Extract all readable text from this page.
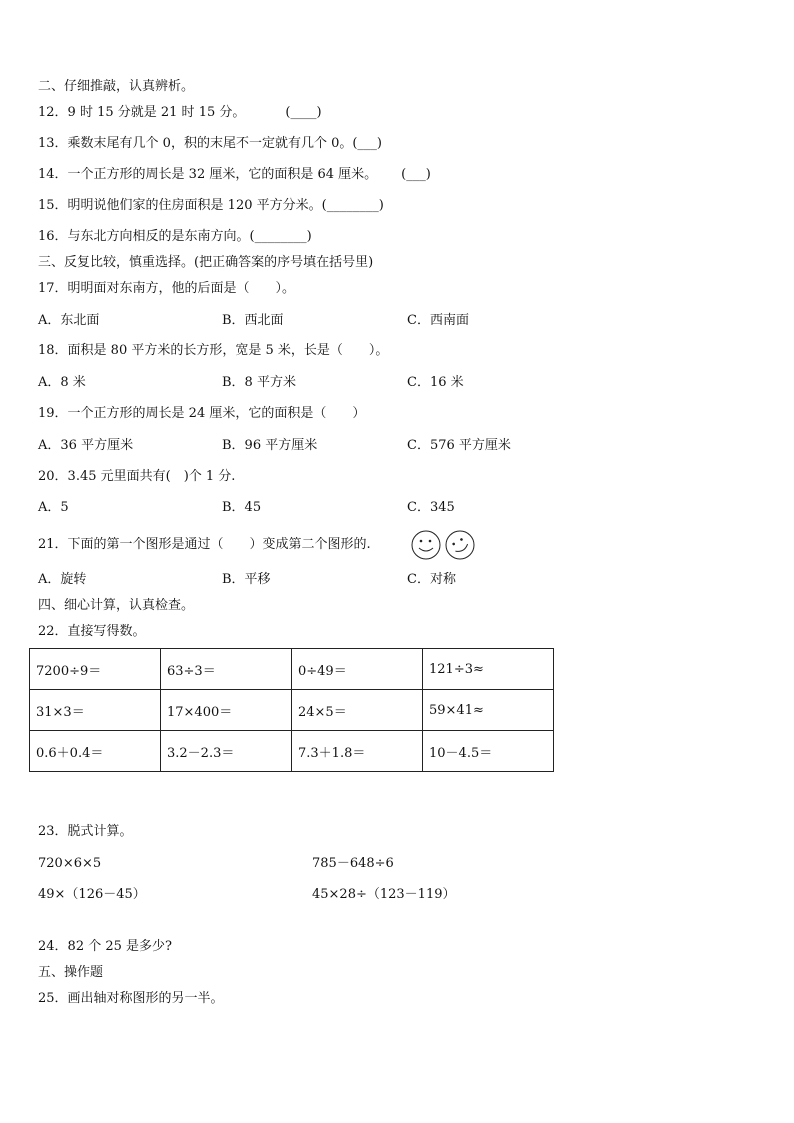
二、仔细推敲，认真辨析。
12．9 时 15 分就是 21 时 15 分。	(____)
13．乘数末尾有几个 0，积的末尾不一定就有几个 0。(___)
14．一个正方形的周长是 32 厘米，它的面积是 64 厘米。 (___)
15．明明说他们家的住房面积是 120 平方分米。(________)
16．与东北方向相反的是东南方向。(________)
三、反复比较，慎重选择。(把正确答案的序号填在括号里)
17．明明面对东南方，他的后面是（　　）。
A．东北面	B．西北面	C．西南面
18．面积是 80 平方米的长方形，宽是 5 米，长是（　　）。
A．8 米	B．8 平方米	C．16 米
19．一个正方形的周长是 24 厘米，它的面积是（　　）
A．36 平方厘米	B．96 平方厘米	C．576 平方厘米
20．3.45 元里面共有(　)个 1 分.
A．5	B．45	C．345
21．下面的第一个图形是通过（　　）变成第二个图形的.
A．旋转	B．平移	C．对称
四、细心计算，认真检查。
22．直接写得数。
7200÷9＝	63÷3＝	0÷49＝	121÷3≈
31×3＝	17×400＝	24×5＝	59×41≈
0.6＋0.4＝	3.2－2.3＝	7.3＋1.8＝	10－4.5＝
23．脱式计算。
720×6×5	785－648÷6
49×（126－45）	45×28÷（123－119）
24．82 个 25 是多少?
五、操作题
25．画出轴对称图形的另一半。
